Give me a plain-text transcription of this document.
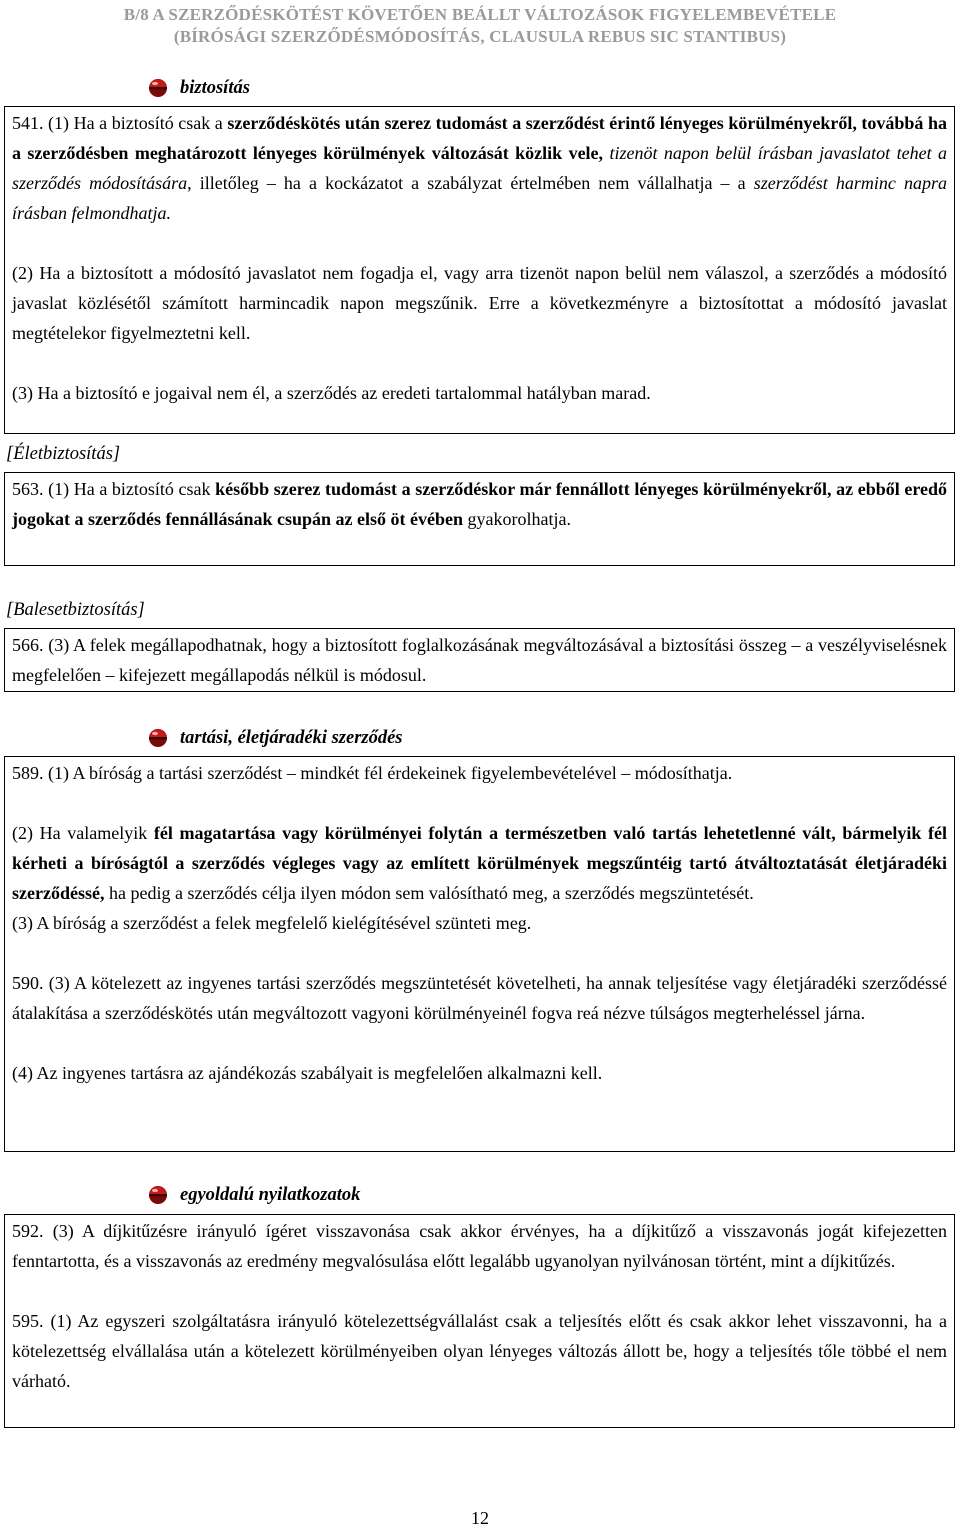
B/8 A SZERZŐDÉSKÖTÉST KÖVETŐEN BEÁLLT VÁLTOZÁSOK FIGYELEMBEVÉTELE
(BÍRÓSÁGI SZERZŐDÉSMÓDOSÍTÁS, CLAUSULA REBUS SIC STANTIBUS)
biztosítás

541. (1) Ha a biztosító csak a szerződéskötés után szerez tudomást a szerződést érintő lényeges körülményekről, továbbá ha a szerződésben meghatározott lényeges körülmények változását közlik vele, tizenöt napon belül írásban javaslatot tehet a szerződés módosítására, illetőleg – ha a kockázatot a szabályzat értelmében nem vállalhatja – a szerződést harminc napra írásban felmondhatja.

(2) Ha a biztosított a módosító javaslatot nem fogadja el, vagy arra tizenöt napon belül nem válaszol, a szerződés a módosító javaslat közlésétől számított harmincadik napon megszűnik. Erre a következményre a biztosítottat a módosító javaslat megtételekor figyelmeztetni kell.

(3) Ha a biztosító e jogaival nem él, a szerződés az eredeti tartalommal hatályban marad.

[Életbiztosítás]

563. (1) Ha a biztosító csak később szerez tudomást a szerződéskor már fennállott lényeges körülményekről, az ebből eredő jogokat a szerződés fennállásának csupán az első öt évében gyakorolhatja.

[Balesetbiztosítás]

566. (3) A felek megállapodhatnak, hogy a biztosított foglalkozásának megváltozásával a biztosítási összeg – a veszélyviselésnek megfelelően – kifejezett megállapodás nélkül is módosul.

tartási, életjáradéki szerződés

589. (1) A bíróság a tartási szerződést – mindkét fél érdekeinek figyelembevételével – módosíthatja.

(2) Ha valamelyik fél magatartása vagy körülményei folytán a természetben való tartás lehetetlenné vált, bármelyik fél kérheti a bíróságtól a szerződés végleges vagy az említett körülmények megszűntéig tartó átváltoztatását életjáradéki szerződéssé, ha pedig a szerződés célja ilyen módon sem valósítható meg, a szerződés megszüntetését.

(3) A bíróság a szerződést a felek megfelelő kielégítésével szünteti meg.

590. (3) A kötelezett az ingyenes tartási szerződés megszüntetését követelheti, ha annak teljesítése vagy életjáradéki szerződéssé átalakítása a szerződéskötés után megváltozott vagyoni körülményeinél fogva reá nézve túlságos megterheléssel járna.

(4) Az ingyenes tartásra az ajándékozás szabályait is megfelelően alkalmazni kell.

egyoldalú nyilatkozatok

592. (3) A díjkitűzésre irányuló ígéret visszavonása csak akkor érvényes, ha a díjkitűző a visszavonás jogát kifejezetten fenntartotta, és a visszavonás az eredmény megvalósulása előtt legalább ugyanolyan nyilvánosan történt, mint a díjkitűzés.

595. (1) Az egyszeri szolgáltatásra irányuló kötelezettségvállalást csak a teljesítés előtt és csak akkor lehet visszavonni, ha a kötelezettség elvállalása után a kötelezett körülményeiben olyan lényeges változás állott be, hogy a teljesítés tőle többé el nem várható.

12
